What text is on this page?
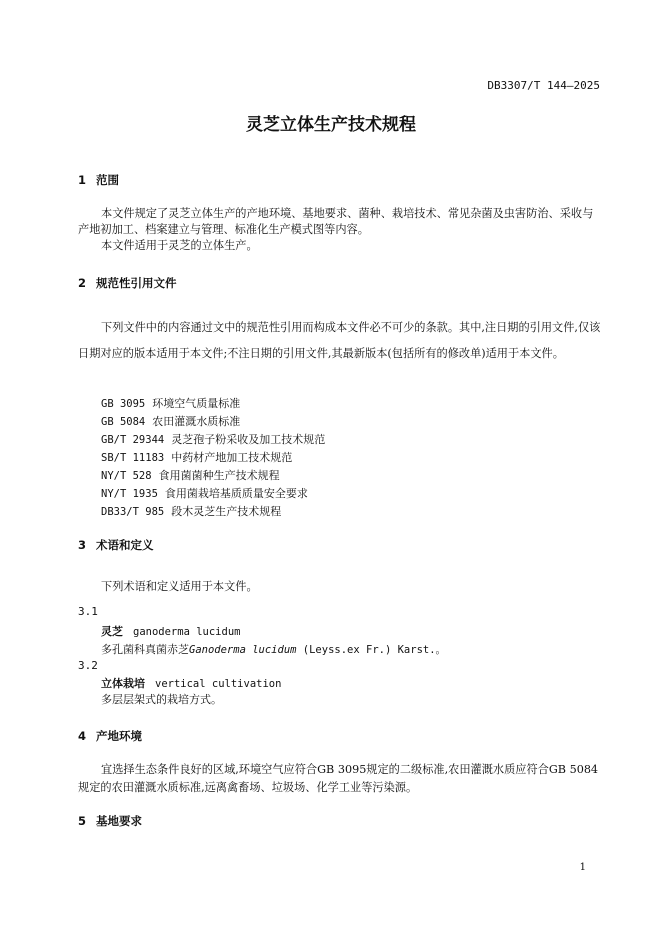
DB3307/T 144—2025
灵芝立体生产技术规程
1 范围
本文件规定了灵芝立体生产的产地环境、基地要求、菌种、栽培技术、常见杂菌及虫害防治、采收与产地初加工、档案建立与管理、标准化生产模式图等内容。
本文件适用于灵芝的立体生产。
2 规范性引用文件
下列文件中的内容通过文中的规范性引用而构成本文件必不可少的条款。其中,注日期的引用文件,仅该日期对应的版本适用于本文件;不注日期的引用文件,其最新版本(包括所有的修改单)适用于本文件。
GB 3095 环境空气质量标准
GB 5084 农田灌溉水质标准
GB/T 29344 灵芝孢子粉采收及加工技术规范
SB/T 11183 中药材产地加工技术规范
NY/T 528 食用菌菌种生产技术规程
NY/T 1935 食用菌栽培基质质量安全要求
DB33/T 985 段木灵芝生产技术规程
3 术语和定义
下列术语和定义适用于本文件。
3.1
灵芝 ganoderma lucidum
多孔菌科真菌赤芝Ganoderma lucidum (Leyss.ex Fr.) Karst.。
3.2
立体栽培 vertical cultivation
多层层架式的栽培方式。
4 产地环境
宜选择生态条件良好的区域,环境空气应符合GB 3095规定的二级标准,农田灌溉水质应符合GB 5084规定的农田灌溉水质标准,远离禽畜场、垃圾场、化学工业等污染源。
5 基地要求
1
